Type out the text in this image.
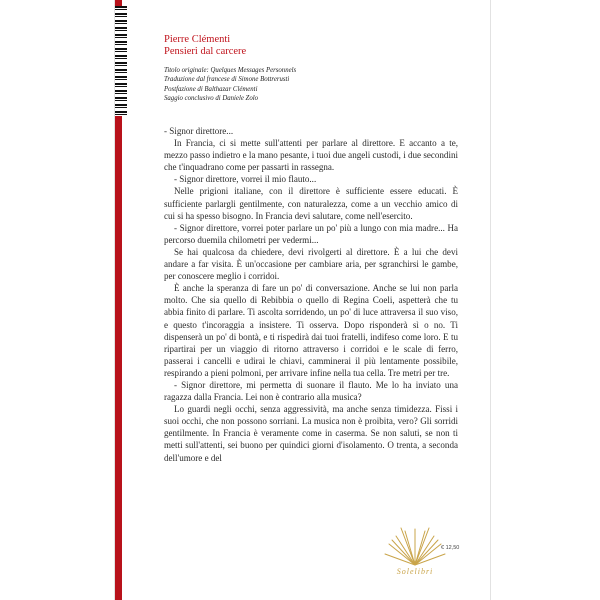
Pierre Clémenti
Pensieri dal carcere
Titolo originale: Quelques Messages Personnels
Traduzione dal francese di Simone Bottrerusti
Postfazione di Balthazar Clémenti
Saggio conclusivo di Daniele Zolo

- Signor direttore...

In Francia, ci si mette sull'attenti per parlare al direttore. E accanto a te, mezzo passo indietro e la mano pesante, i tuoi due angeli custodi, i due secondini che t'inquadrano come per passarti in rassegna.

- Signor direttore, vorrei il mio flauto...

Nelle prigioni italiane, con il direttore è sufficiente essere educati. È sufficiente parlargli gentilmente, con naturalezza, come a un vecchio amico di cui si ha spesso bisogno. In Francia devi salutare, come nell'esercito.

- Signor direttore, vorrei poter parlare un po' più a lungo con mia madre... Ha percorso duemila chilometri per vedermi...

Se hai qualcosa da chiedere, devi rivolgerti al direttore. È a lui che devi andare a far visita. È un'occasione per cambiare aria, per sgranchirsi le gambe, per conoscere meglio i corridoi.

È anche la speranza di fare un po' di conversazione. Anche se lui non parla molto. Che sia quello di Rebibbia o quello di Regina Coeli, aspetterà che tu abbia finito di parlare. Ti ascolta sorridendo, un po' di luce attraversa il suo viso, e questo t'incoraggia a insistere. Ti osserva. Dopo risponderà sì o no. Ti dispenserà un po' di bontà, e ti rispedirà dai tuoi fratelli, indifeso come loro. E tu ripartirai per un viaggio di ritorno attraverso i corridoi e le scale di ferro, passerai i cancelli e udirai le chiavi, camminerai il più lentamente possibile, respirando a pieni polmoni, per arrivare infine nella tua cella. Tre metri per tre.

- Signor direttore, mi permetta di suonare il flauto. Me lo ha inviato una ragazza dalla Francia. Lei non è contrario alla musica?

Lo guardi negli occhi, senza aggressività, ma anche senza timidezza. Fissi i suoi occhi, che non possono sorriani. La musica non è proibita, vero? Gli sorridi gentilmente. In Francia è veramente come in caserma. Se non saluti, se non ti metti sull'attenti, sei buono per quindici giorni d'isolamento. O trenta, a seconda dell'umore e del

Solelibri
€ 12,50
